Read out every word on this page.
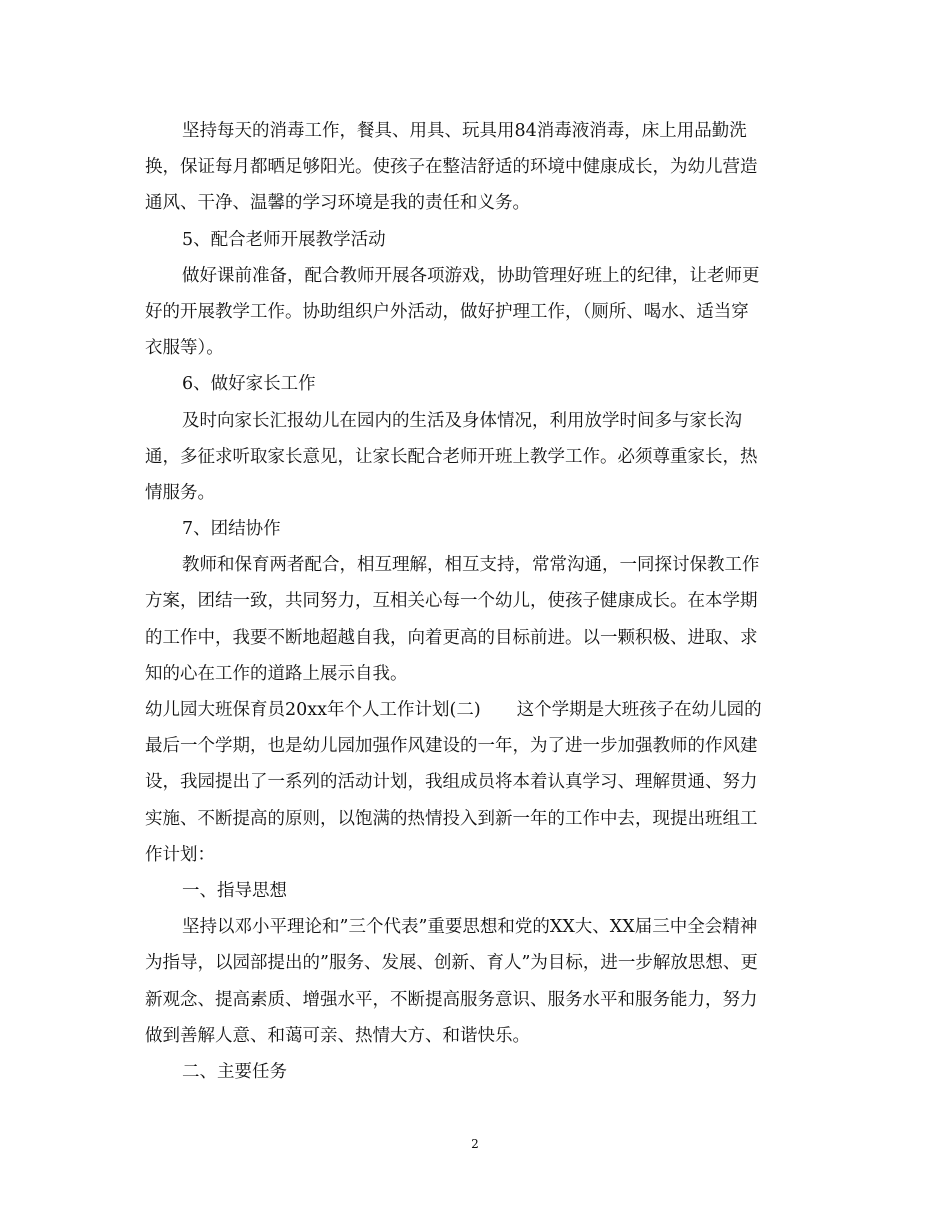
坚持每天的消毒工作，餐具、用具、玩具用84消毒液消毒，床上用品勤洗
换，保证每月都晒足够阳光。使孩子在整洁舒适的环境中健康成长，为幼儿营造
通风、干净、温馨的学习环境是我的责任和义务。
5、配合老师开展教学活动
做好课前准备，配合教师开展各项游戏，协助管理好班上的纪律，让老师更
好的开展教学工作。协助组织户外活动，做好护理工作，（厕所、喝水、适当穿
衣服等）。
6、做好家长工作
及时向家长汇报幼儿在园内的生活及身体情况，利用放学时间多与家长沟
通，多征求听取家长意见，让家长配合老师开班上教学工作。必须尊重家长，热
情服务。
7、团结协作
教师和保育两者配合，相互理解，相互支持，常常沟通，一同探讨保教工作
方案，团结一致，共同努力，互相关心每一个幼儿，使孩子健康成长。在本学期
的工作中，我要不断地超越自我，向着更高的目标前进。以一颗积极、进取、求
知的心在工作的道路上展示自我。
幼儿园大班保育员20xx年个人工作计划(二) 这个学期是大班孩子在幼儿园的
最后一个学期，也是幼儿园加强作风建设的一年，为了进一步加强教师的作风建
设，我园提出了一系列的活动计划，我组成员将本着认真学习、理解贯通、努力
实施、不断提高的原则，以饱满的热情投入到新一年的工作中去，现提出班组工
作计划：
一、指导思想
坚持以邓小平理论和”三个代表”重要思想和党的XX大、XX届三中全会精神
为指导，以园部提出的”服务、发展、创新、育人”为目标，进一步解放思想、更
新观念、提高素质、增强水平，不断提高服务意识、服务水平和服务能力，努力
做到善解人意、和蔼可亲、热情大方、和谐快乐。
二、主要任务
2
